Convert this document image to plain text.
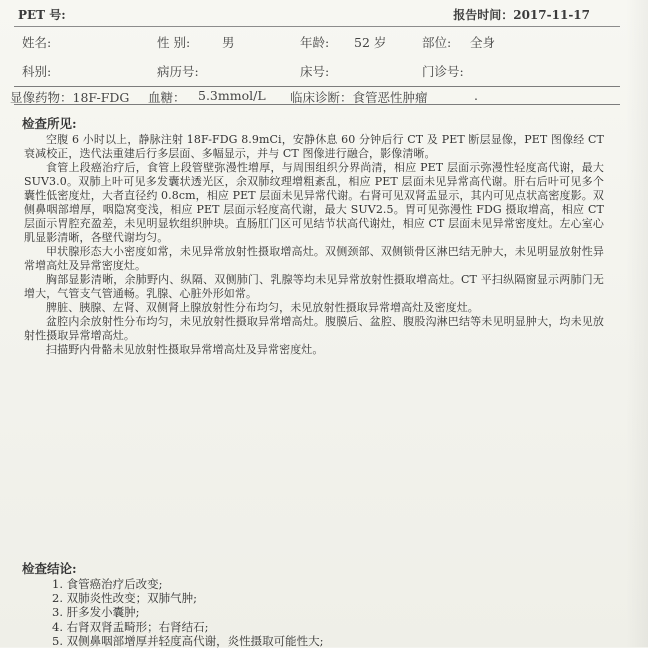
PET 号:	报告时间：2017-11-17
姓名:	性 别:	男	年龄: 52 岁	部位: 全身
科别:	病历号:	床号:	门诊号:
显像药物：18F-FDG 血糖： 5.3mmol/L 临床诊断：食管恶性肿瘤	.
检查所见:

空腹 6 小时以上，静脉注射 18F-FDG 8.9mCi，安静休息 60 分钟后行 CT 及 PET 断层显像，PET 图像经 CT 衰减校正，迭代法重建后行多层面、多幅显示，并与 CT 图像进行融合，影像清晰。

食管上段癌治疗后，食管上段管壁弥漫性增厚，与周围组织分界尚清，相应 PET 层面示弥漫性轻度高代谢，最大 SUV3.0。双肺上叶可见多发囊状透光区，余双肺纹理增粗紊乱，相应 PET 层面未见异常高代谢。肝右后叶可见多个囊性低密度灶，大者直径约 0.8cm，相应 PET 层面未见异常代谢。右肾可见双肾盂显示，其内可见点状高密度影。双侧鼻咽部增厚，咽隐窝变浅，相应 PET 层面示轻度高代谢，最大 SUV2.5。胃可见弥漫性 FDG 摄取增高，相应 CT 层面示胃腔充盈差，未见明显软组织肿块。直肠肛门区可见结节状高代谢灶，相应 CT 层面未见异常密度灶。左心室心肌显影清晰，各壁代谢均匀。

甲状腺形态大小密度如常，未见异常放射性摄取增高灶。双侧颈部、双侧锁骨区淋巴结无肿大，未见明显放射性异常增高灶及异常密度灶。

胸部显影清晰，余肺野内、纵隔、双侧肺门、乳腺等均未见异常放射性摄取增高灶。CT 平扫纵隔窗显示两肺门无增大，气管支气管通畅。乳腺、心脏外形如常。

脾脏、胰腺、左肾、双侧肾上腺放射性分布均匀，未见放射性摄取异常增高灶及密度灶。

盆腔内余放射性分布均匀，未见放射性摄取异常增高灶。腹膜后、盆腔、腹股沟淋巴结等未见明显肿大，均未见放射性摄取异常增高灶。

扫描野内骨骼未见放射性摄取异常增高灶及异常密度灶。

检查结论:
1. 食管癌治疗后改变;
2. 双肺炎性改变；双肺气肿;
3. 肝多发小囊肿;
4. 右肾双肾盂畸形；右肾结石;
5. 双侧鼻咽部增厚并轻度高代谢，炎性摄取可能性大;
